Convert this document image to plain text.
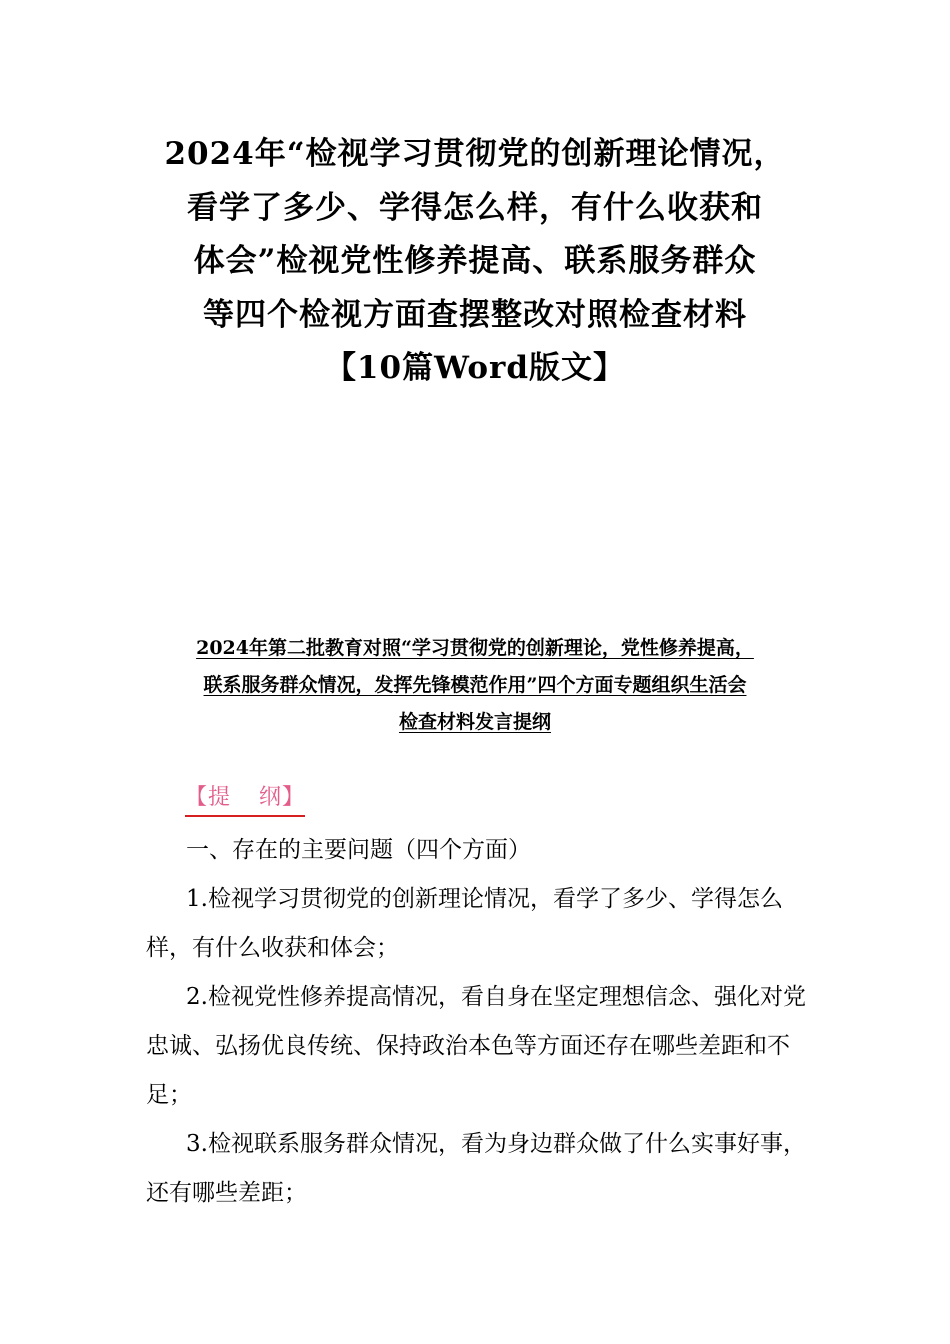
2024年“检视学习贯彻党的创新理论情况，
看学了多少、学得怎么样，有什么收获和
体会”检视党性修养提高、联系服务群众
等四个检视方面查摆整改对照检查材料
【10篇Word版文】
2024年第二批教育对照“学习贯彻党的创新理论，党性修养提高，
联系服务群众情况，发挥先锋模范作用”四个方面专题组织生活会
检查材料发言提纲
【提 纲】

一、存在的主要问题（四个方面）

1.检视学习贯彻党的创新理论情况，看学了多少、学得怎么样，有什么收获和体会；

2.检视党性修养提高情况，看自身在坚定理想信念、强化对党忠诚、弘扬优良传统、保持政治本色等方面还存在哪些差距和不足；

3.检视联系服务群众情况，看为身边群众做了什么实事好事，还有哪些差距；
